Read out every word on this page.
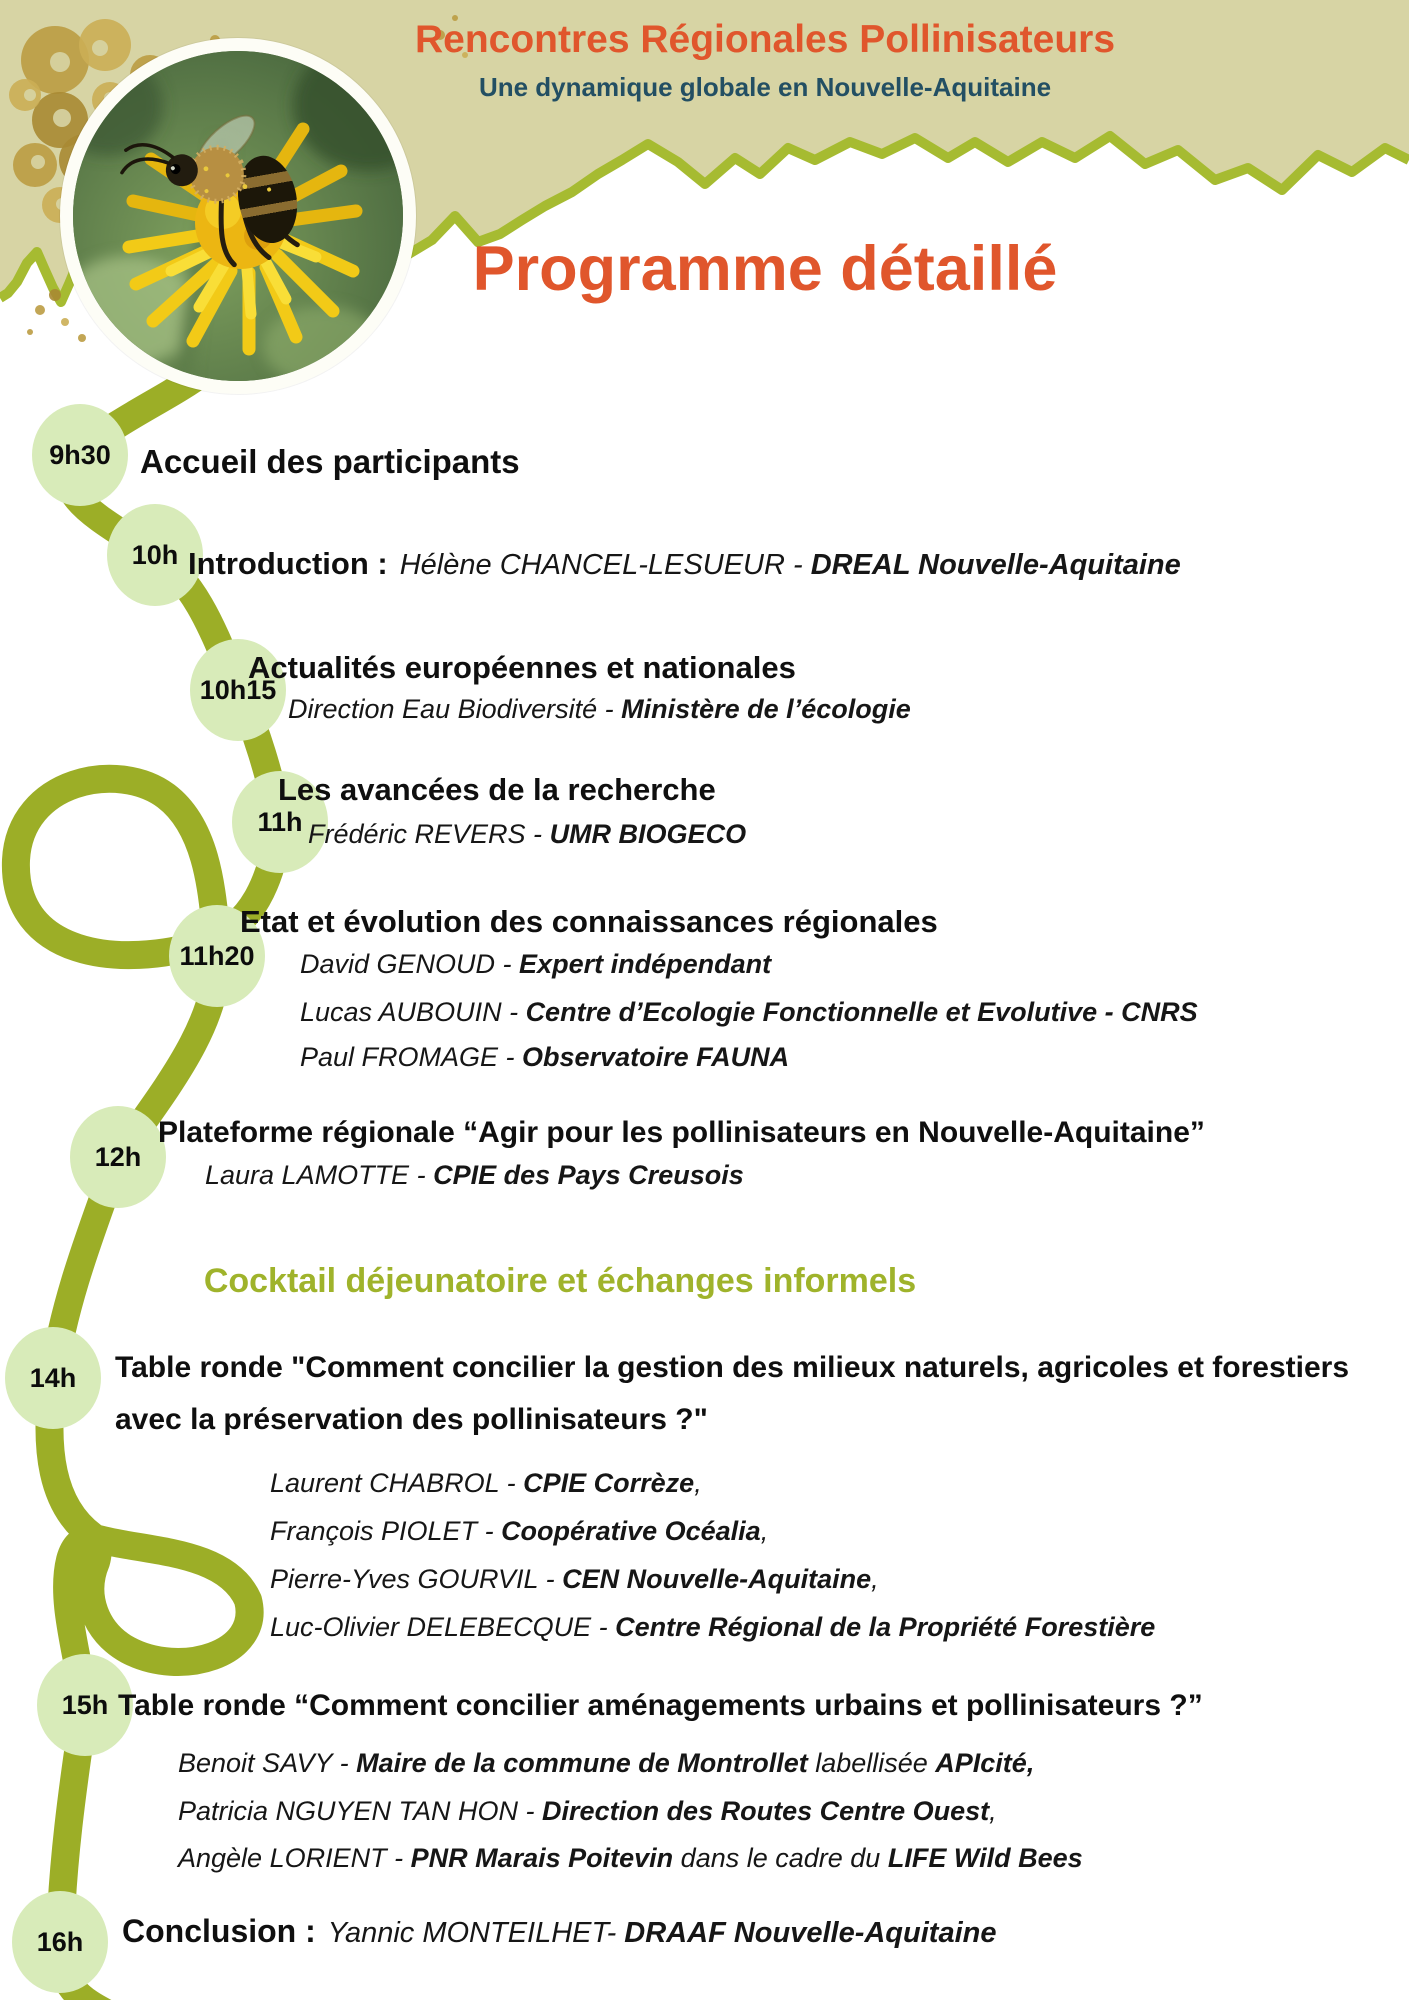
Rencontres Régionales Pollinisateurs
Une dynamique globale en Nouvelle-Aquitaine
Programme détaillé
9h30
10h
10h15
11h
11h20
12h
14h
15h
16h
Accueil des participants
Introduction : Hélène CHANCEL-LESUEUR - DREAL Nouvelle-Aquitaine
Actualités européennes et nationales
Direction Eau Biodiversité - Ministère de l’écologie
Les avancées de la recherche
Frédéric REVERS - UMR BIOGECO
Etat et évolution des connaissances régionales
David GENOUD - Expert indépendant
Lucas AUBOUIN - Centre d’Ecologie Fonctionnelle et Evolutive - CNRS
Paul FROMAGE - Observatoire FAUNA
Plateforme régionale “Agir pour les pollinisateurs en Nouvelle-Aquitaine”
Laura LAMOTTE - CPIE des Pays Creusois
Cocktail déjeunatoire et échanges informels
Table ronde "Comment concilier la gestion des milieux naturels, agricoles et forestiers avec la préservation des pollinisateurs ?"
Laurent CHABROL - CPIE Corrèze,
François PIOLET - Coopérative Océalia,
Pierre-Yves GOURVIL - CEN Nouvelle-Aquitaine,
Luc-Olivier DELEBECQUE - Centre Régional de la Propriété Forestière
Table ronde “Comment concilier aménagements urbains et pollinisateurs ?”
Benoit SAVY - Maire de la commune de Montrollet labellisée APIcité,
Patricia NGUYEN TAN HON - Direction des Routes Centre Ouest,
Angèle LORIENT - PNR Marais Poitevin dans le cadre du LIFE Wild Bees
Conclusion : Yannic MONTEILHET- DRAAF Nouvelle-Aquitaine
